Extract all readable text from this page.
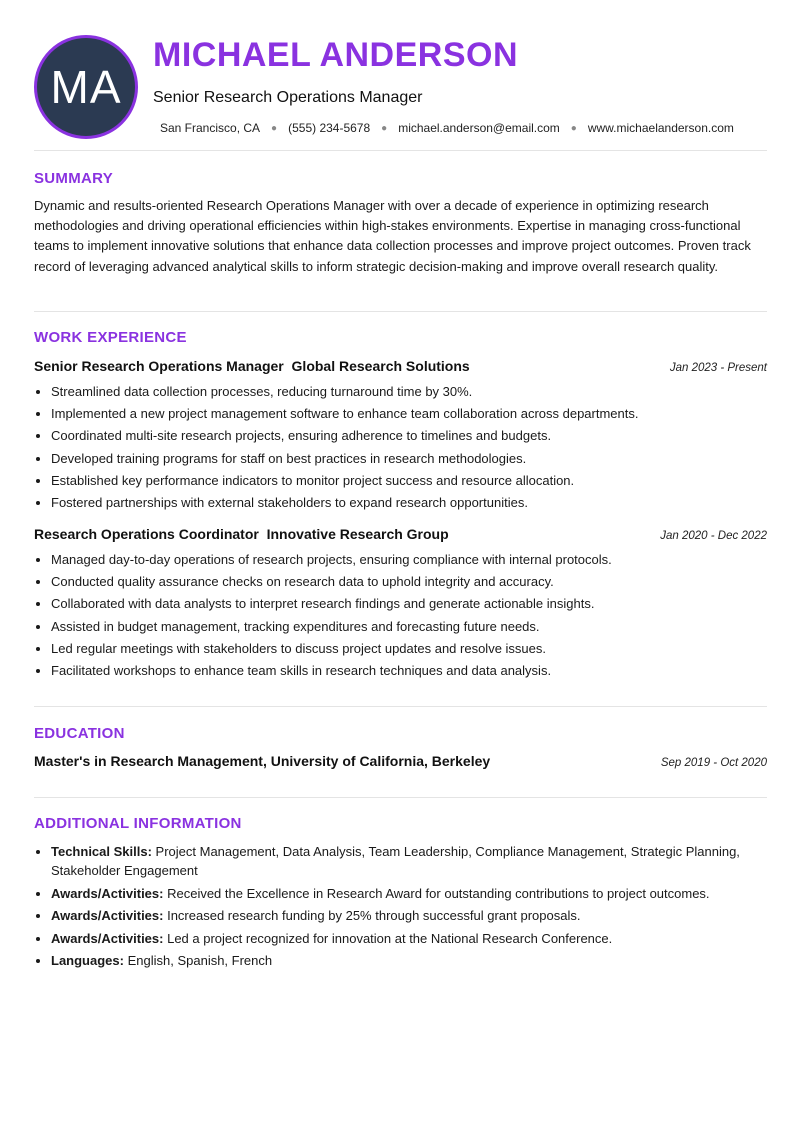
MA
MICHAEL ANDERSON
Senior Research Operations Manager
San Francisco, CA ● (555) 234-5678 ● michael.anderson@email.com ● www.michaelanderson.com
SUMMARY

Dynamic and results-oriented Research Operations Manager with over a decade of experience in optimizing research methodologies and driving operational efficiencies within high-stakes environments. Expertise in managing cross-functional teams to implement innovative solutions that enhance data collection processes and improve project outcomes. Proven track record of leveraging advanced analytical skills to inform strategic decision-making and improve overall research quality.

WORK EXPERIENCE
Senior Research Operations Manager Global Research Solutions	Jan 2023 - Present
• Streamlined data collection processes, reducing turnaround time by 30%.
• Implemented a new project management software to enhance team collaboration across departments.
• Coordinated multi-site research projects, ensuring adherence to timelines and budgets.
• Developed training programs for staff on best practices in research methodologies.
• Established key performance indicators to monitor project success and resource allocation.
• Fostered partnerships with external stakeholders to expand research opportunities.
Research Operations Coordinator Innovative Research Group	Jan 2020 - Dec 2022
• Managed day-to-day operations of research projects, ensuring compliance with internal protocols.
• Conducted quality assurance checks on research data to uphold integrity and accuracy.
• Collaborated with data analysts to interpret research findings and generate actionable insights.
• Assisted in budget management, tracking expenditures and forecasting future needs.
• Led regular meetings with stakeholders to discuss project updates and resolve issues.
• Facilitated workshops to enhance team skills in research techniques and data analysis.
EDUCATION
Master's in Research Management, University of California, Berkeley	Sep 2019 - Oct 2020
ADDITIONAL INFORMATION
• Technical Skills: Project Management, Data Analysis, Team Leadership, Compliance Management, Strategic Planning, Stakeholder Engagement
• Awards/Activities: Received the Excellence in Research Award for outstanding contributions to project outcomes.
• Awards/Activities: Increased research funding by 25% through successful grant proposals.
• Awards/Activities: Led a project recognized for innovation at the National Research Conference.
• Languages: English, Spanish, French
